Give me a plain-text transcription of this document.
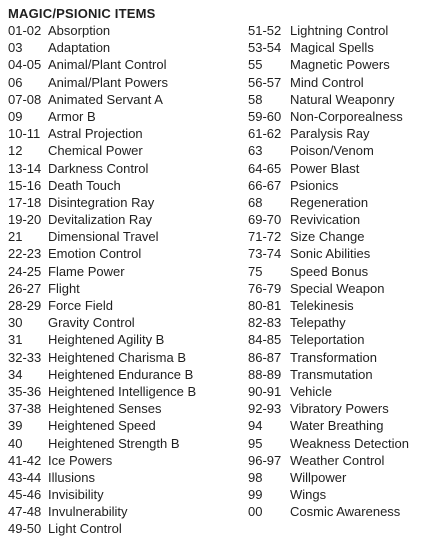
MAGIC/PSIONIC ITEMS
01-02 Absorption
03	Adaptation
04-05 Animal/Plant Control
06	Animal/Plant Powers
07-08 Animated Servant A
09	Armor B
10-11 Astral Projection
12	Chemical Power
13-14 Darkness Control
15-16 Death Touch
17-18 Disintegration Ray
19-20 Devitalization Ray
21	Dimensional Travel
22-23 Emotion Control
24-25 Flame Power
26-27 Flight
28-29 Force Field
30	Gravity Control
31	Heightened Agility B
32-33 Heightened Charisma B
34	Heightened Endurance B
35-36 Heightened Intelligence B
37-38 Heightened Senses
39	Heightened Speed
40	Heightened Strength B
41-42 Ice Powers
43-44 Illusions
45-46 Invisibility
47-48 Invulnerability
49-50 Light Control
51-52 Lightning Control
53-54 Magical Spells
55	Magnetic Powers
56-57 Mind Control
58	Natural Weaponry
59-60 Non-Corporealness
61-62 Paralysis Ray
63	Poison/Venom
64-65 Power Blast
66-67 Psionics
68	Regeneration
69-70 Revivication
71-72 Size Change
73-74 Sonic Abilities
75	Speed Bonus
76-79 Special Weapon
80-81 Telekinesis
82-83 Telepathy
84-85 Teleportation
86-87 Transformation
88-89 Transmutation
90-91 Vehicle
92-93 Vibratory Powers
94	Water Breathing
95	Weakness Detection
96-97 Weather Control
98	Willpower
99	Wings
00	Cosmic Awareness
